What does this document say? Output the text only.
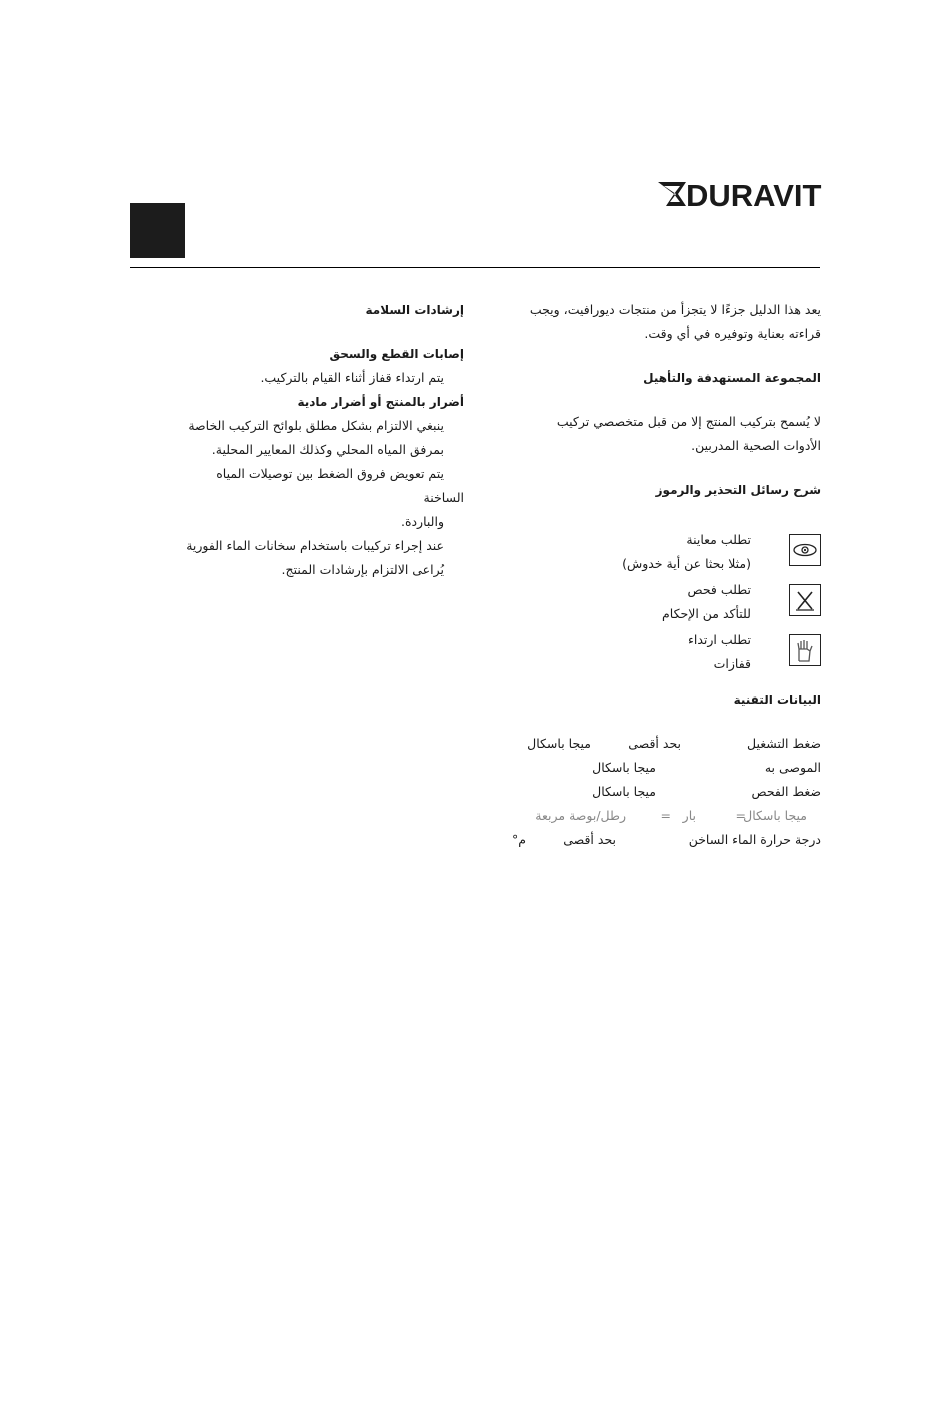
DURAVIT

يعد هذا الدليل جزءًا لا يتجزأ من منتجات ديورافيت، ويجب

قراءته بعناية وتوفيره في أي وقت.

المجموعة المستهدفة والتأهيل

لا يُسمح بتركيب المنتج إلا من قبل متخصصي تركيب

الأدوات الصحية المدربين.

شرح رسائل التحذير والرموز

تطلب معاينة
(مثلا بحثا عن أية خدوش)
تطلب فحص
للتأكد من الإحكام
تطلب ارتداء
قفازات

البيانات التقنية

ضغط التشغيل
بحد أقصى
ميجا باسكال
الموصى به
ميجا باسكال
ضغط الفحص
ميجا باسكال
ميجا باسكال
=
بار
=
رطل/بوصة مربعة
درجة حرارة الماء الساخن
بحد أقصى
م°

إرشادات السلامة

إصابات القطع والسحق

يتم ارتداء قفاز أثناء القيام بالتركيب.

أضرار بالمنتج أو أضرار مادية

ينبغي الالتزام بشكل مطلق بلوائح التركيب الخاصة

بمرفق المياه المحلي وكذلك المعايير المحلية.

يتم تعويض فروق الضغط بين توصيلات المياه

الساخنة

والباردة.

عند إجراء تركيبات باستخدام سخانات الماء الفورية

يُراعى الالتزام بإرشادات المنتج.
